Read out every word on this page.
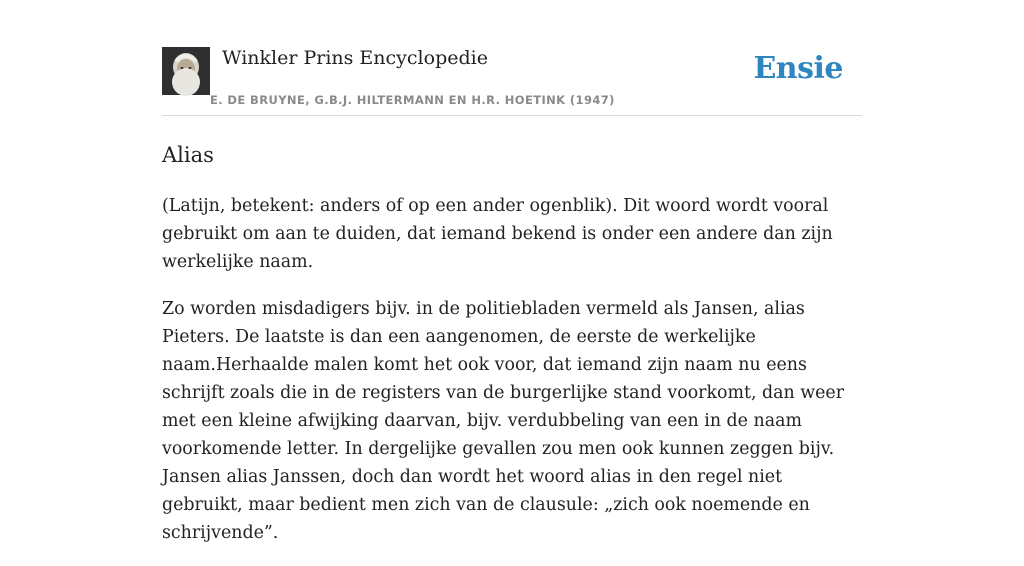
Winkler Prins Encyclopedie
E. DE BRUYNE, G.B.J. HILTERMANN EN H.R. HOETINK (1947)
Ensie
Alias

(Latijn, betekent: anders of op een ander ogenblik). Dit woord wordt vooral gebruikt om aan te duiden, dat iemand bekend is onder een andere dan zijn werkelijke naam.

Zo worden misdadigers bijv. in de politiebladen vermeld als Jansen, alias Pieters. De laatste is dan een aangenomen, de eerste de werkelijke naam.Herhaalde malen komt het ook voor, dat iemand zijn naam nu eens schrijft zoals die in de registers van de burgerlijke stand voorkomt, dan weer met een kleine afwijking daarvan, bijv. verdubbeling van een in de naam voorkomende letter. In dergelijke gevallen zou men ook kunnen zeggen bijv. Jansen alias Janssen, doch dan wordt het woord alias in den regel niet gebruikt, maar bedient men zich van de clausule: „zich ook noemende en schrijvende”.
